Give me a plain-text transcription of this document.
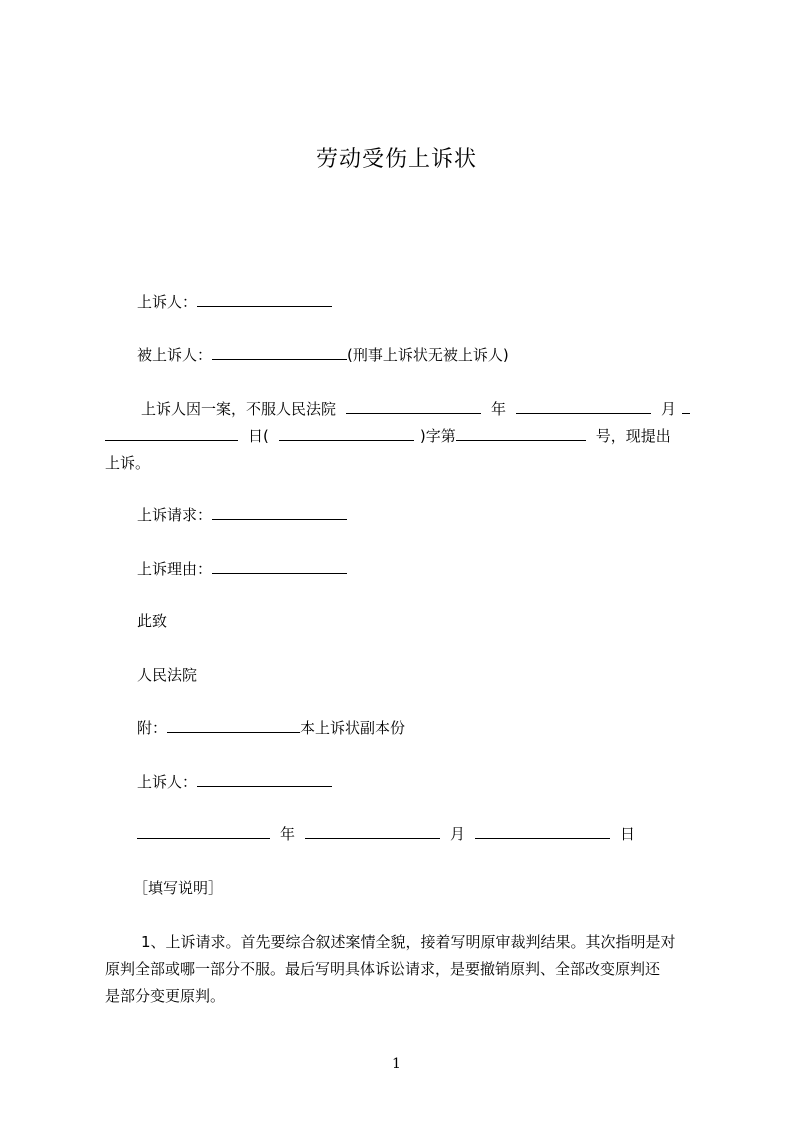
劳动受伤上诉状
上诉人：
被上诉人：	(刑事上诉状无被上诉人)
上诉人因一案，不服人民法院	年	月
日(	)字第	号，现提出
上诉。
上诉请求：
上诉理由：
此致
人民法院
附：	本上诉状副本份
上诉人：
年	月	日
［填写说明］
1、上诉请求。首先要综合叙述案情全貌，接着写明原审裁判结果。其次指明是对
原判全部或哪一部分不服。最后写明具体诉讼请求，是要撤销原判、全部改变原判还
是部分变更原判。
1
